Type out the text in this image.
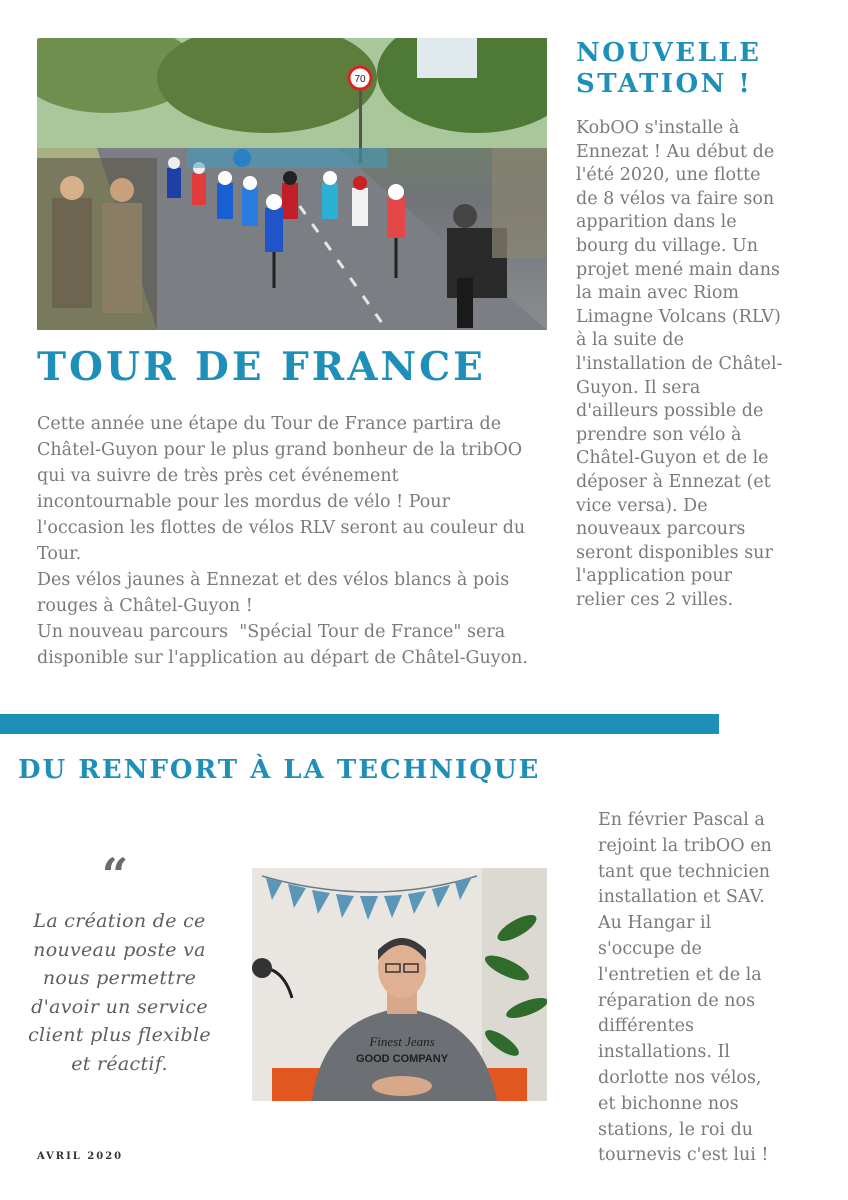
70
TOUR DE FRANCE

Cette année une étape du Tour de France partira de Châtel-Guyon pour le plus grand bonheur de la tribOO qui va suivre de très près cet événement incontournable pour les mordus de vélo ! Pour l'occasion les flottes de vélos RLV seront au couleur du Tour.

Des vélos jaunes à Ennezat et des vélos blancs à pois rouges à Châtel-Guyon !

Un nouveau parcours  "Spécial Tour de France" sera disponible sur l'application au départ de Châtel-Guyon.

NOUVELLE
STATION !

KobOO s'installe à Ennezat ! Au début de l'été 2020, une flotte de 8 vélos va faire son apparition dans le bourg du village. Un projet mené main dans la main avec Riom Limagne Volcans (RLV) à la suite de l'installation de Châtel-Guyon. Il sera d'ailleurs possible de prendre son vélo à Châtel-Guyon et de le déposer à Ennezat (et vice versa). De nouveaux parcours seront disponibles sur l'application pour relier ces 2 villes.

DU RENFORT À LA TECHNIQUE
“

La création de ce nouveau poste va nous permettre d'avoir un service client plus flexible et réactif.

Finest Jeans
GOOD COMPANY

En février Pascal a rejoint la tribOO en tant que technicien installation et SAV. Au Hangar il s'occupe de l'entretien et de la réparation de nos différentes installations. Il dorlotte nos vélos, et bichonne nos stations, le roi du tournevis c'est lui !

AVRIL 2020
